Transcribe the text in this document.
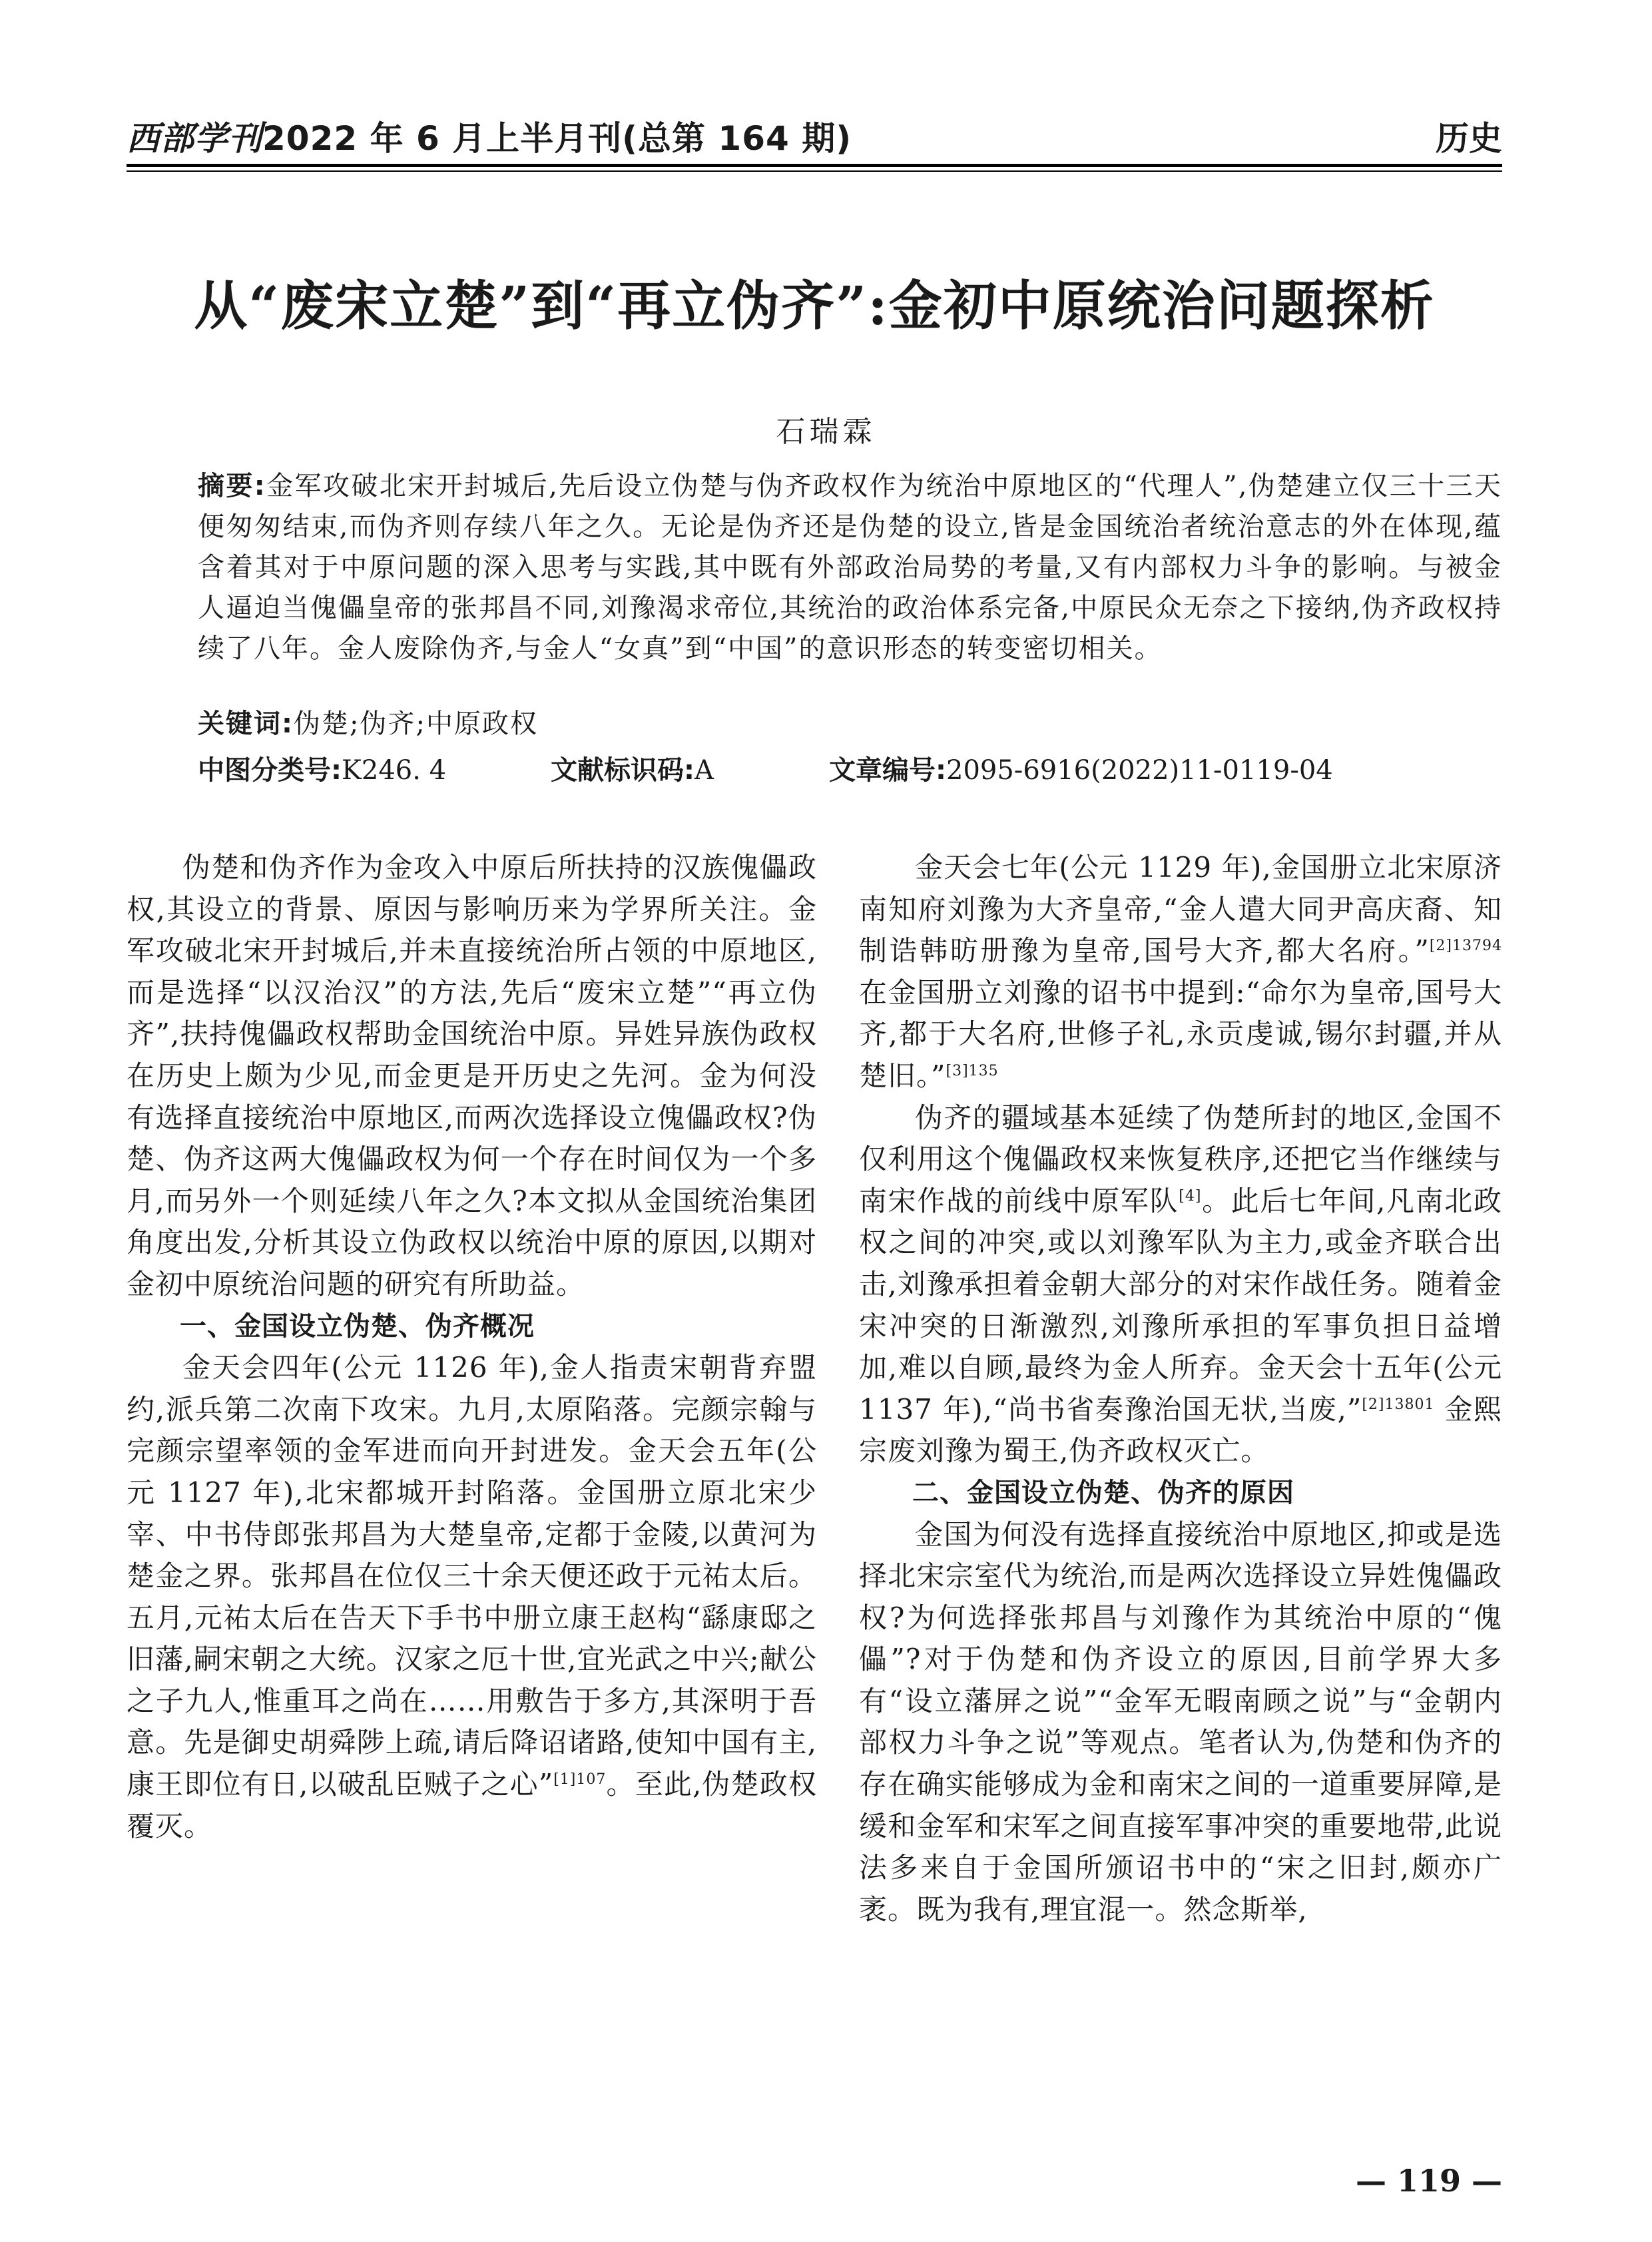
西部学刊2022 年 6 月上半月刊(总第 164 期)	历史
从“废宋立楚”到“再立伪齐”:金初中原统治问题探析
石瑞霖

摘要:金军攻破北宋开封城后,先后设立伪楚与伪齐政权作为统治中原地区的“代理人”,伪楚建立仅三十三天便匆匆结束,而伪齐则存续八年之久。无论是伪齐还是伪楚的设立,皆是金国统治者统治意志的外在体现,蕴含着其对于中原问题的深入思考与实践,其中既有外部政治局势的考量,又有内部权力斗争的影响。与被金人逼迫当傀儡皇帝的张邦昌不同,刘豫渴求帝位,其统治的政治体系完备,中原民众无奈之下接纳,伪齐政权持续了八年。金人废除伪齐,与金人“女真”到“中国”的意识形态的转变密切相关。

关键词:伪楚;伪齐;中原政权
中图分类号:K246. 4	文献标识码:A	文章编号:2095-6916(2022)11-0119-04

伪楚和伪齐作为金攻入中原后所扶持的汉族傀儡政权,其设立的背景、原因与影响历来为学界所关注。金军攻破北宋开封城后,并未直接统治所占领的中原地区,而是选择“以汉治汉”的方法,先后“废宋立楚”“再立伪齐”,扶持傀儡政权帮助金国统治中原。异姓异族伪政权在历史上颇为少见,而金更是开历史之先河。金为何没有选择直接统治中原地区,而两次选择设立傀儡政权?伪楚、伪齐这两大傀儡政权为何一个存在时间仅为一个多月,而另外一个则延续八年之久?本文拟从金国统治集团角度出发,分析其设立伪政权以统治中原的原因,以期对金初中原统治问题的研究有所助益。

一、金国设立伪楚、伪齐概况

金天会四年(公元 1126 年),金人指责宋朝背弃盟约,派兵第二次南下攻宋。九月,太原陷落。完颜宗翰与完颜宗望率领的金军进而向开封进发。金天会五年(公元 1127 年),北宋都城开封陷落。金国册立原北宋少宰、中书侍郎张邦昌为大楚皇帝,定都于金陵,以黄河为楚金之界。张邦昌在位仅三十余天便还政于元祐太后。五月,元祐太后在告天下手书中册立康王赵构“繇康邸之旧藩,嗣宋朝之大统。汉家之厄十世,宜光武之中兴;献公之子九人,惟重耳之尚在……用敷告于多方,其深明于吾意。先是御史胡舜陟上疏,请后降诏诸路,使知中国有主,康王即位有日,以破乱臣贼子之心”$^{[1]107}$。至此,伪楚政权覆灭。

金天会七年(公元 1129 年),金国册立北宋原济南知府刘豫为大齐皇帝,“金人遣大同尹高庆裔、知制诰韩昉册豫为皇帝,国号大齐,都大名府。”$^{[2]13794}$ 在金国册立刘豫的诏书中提到:“命尔为皇帝,国号大齐,都于大名府,世修子礼,永贡虔诚,锡尔封疆,并从楚旧。”$^{[3]135}$

伪齐的疆域基本延续了伪楚所封的地区,金国不仅利用这个傀儡政权来恢复秩序,还把它当作继续与南宋作战的前线中原军队[4]。此后七年间,凡南北政权之间的冲突,或以刘豫军队为主力,或金齐联合出击,刘豫承担着金朝大部分的对宋作战任务。随着金宋冲突的日渐激烈,刘豫所承担的军事负担日益增加,难以自顾,最终为金人所弃。金天会十五年(公元 1137 年),“尚书省奏豫治国无状,当废,”$^{[2]13801}$ 金熙宗废刘豫为蜀王,伪齐政权灭亡。

二、金国设立伪楚、伪齐的原因

金国为何没有选择直接统治中原地区,抑或是选择北宋宗室代为统治,而是两次选择设立异姓傀儡政权?为何选择张邦昌与刘豫作为其统治中原的“傀儡”?对于伪楚和伪齐设立的原因,目前学界大多有“设立藩屏之说”“金军无暇南顾之说”与“金朝内部权力斗争之说”等观点。笔者认为,伪楚和伪齐的存在确实能够成为金和南宋之间的一道重要屏障,是缓和金军和宋军之间直接军事冲突的重要地带,此说法多来自于金国所颁诏书中的“宋之旧封,颇亦广袤。既为我有,理宜混一。然念斯举,

— 119 —
